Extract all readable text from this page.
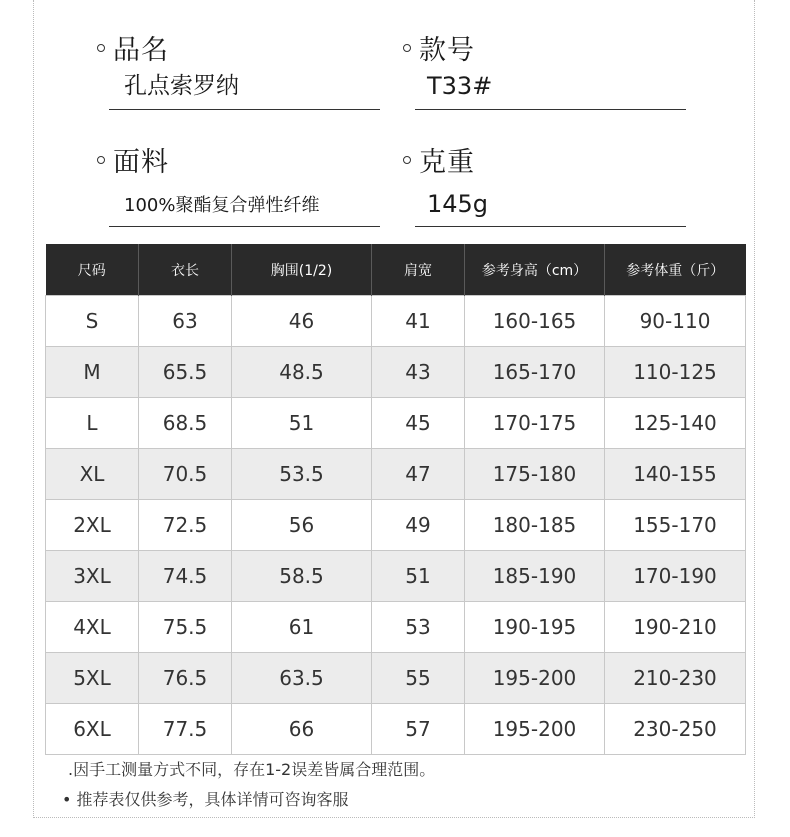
品名
孔点索罗纳
款号
T33#
面料
100%聚酯复合弹性纤维
克重
145g
尺码	衣长	胸围(1/2)	肩宽	参考身高（cm）	参考体重（斤）
S	63	46	41	160-165	90-110
M	65.5	48.5	43	165-170	110-125
L	68.5	51	45	170-175	125-140
XL	70.5	53.5	47	175-180	140-155
2XL	72.5	56	49	180-185	155-170
3XL	74.5	58.5	51	185-190	170-190
4XL	75.5	61	53	190-195	190-210
5XL	76.5	63.5	55	195-200	210-230
6XL	77.5	66	57	195-200	230-250
.因手工测量方式不同，存在1-2误差皆属合理范围。
• 推荐表仅供参考，具体详情可咨询客服
